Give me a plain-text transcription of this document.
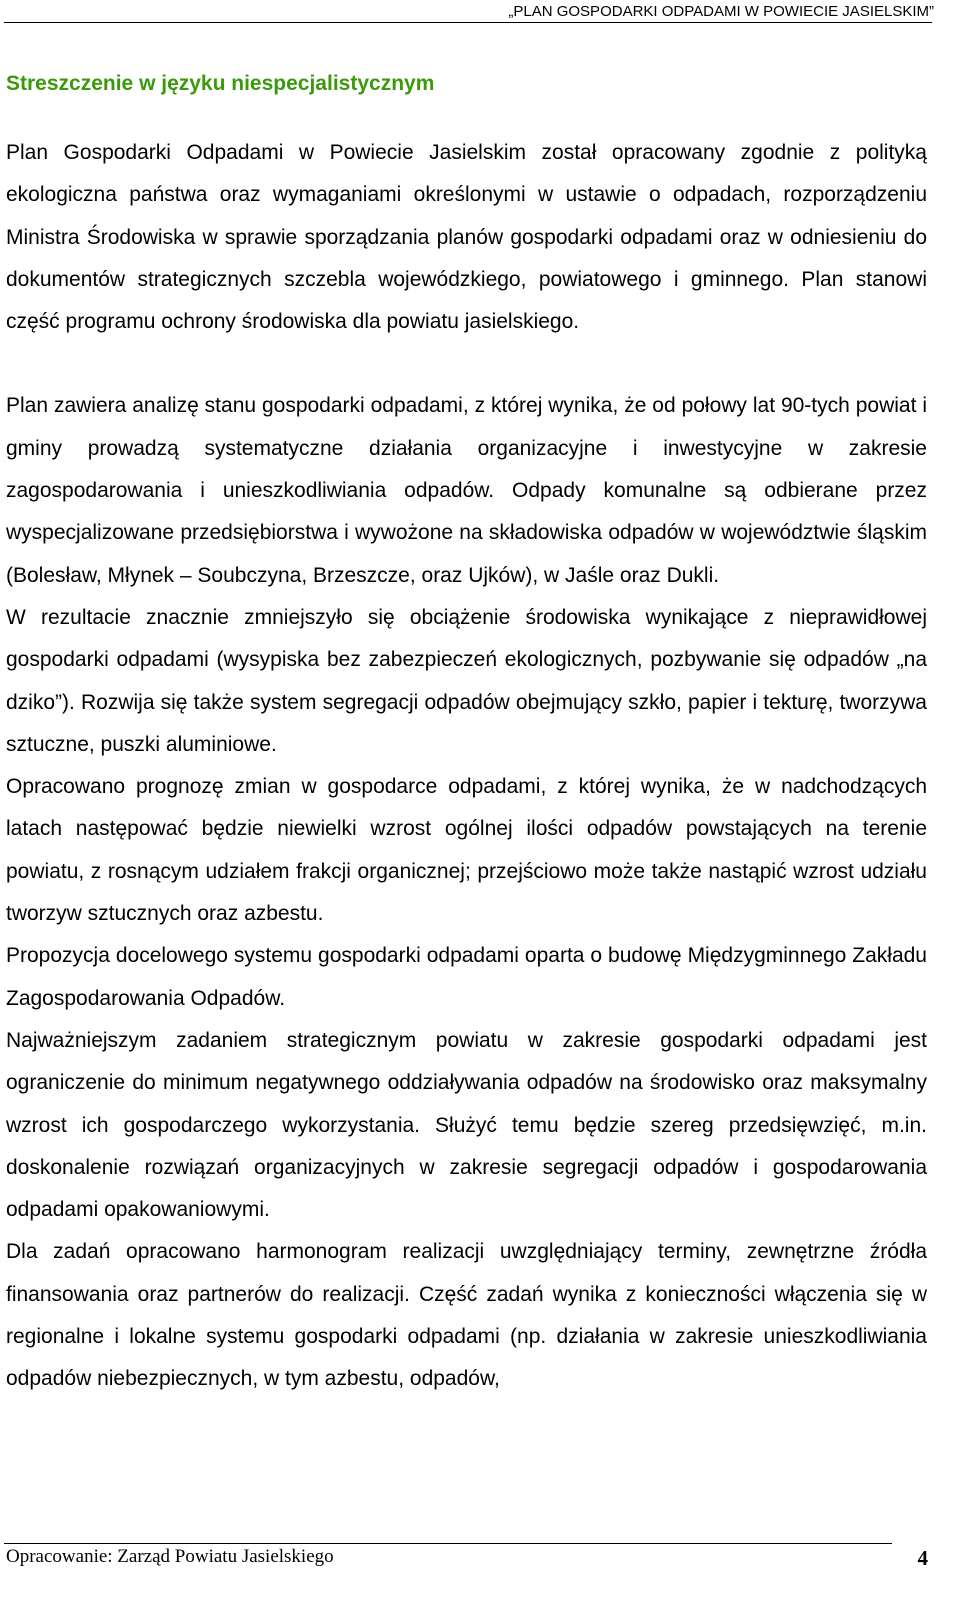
„PLAN GOSPODARKI ODPADAMI W POWIECIE JASIELSKIM”
Streszczenie w języku niespecjalistycznym

Plan Gospodarki Odpadami w Powiecie Jasielskim został opracowany zgodnie z polityką ekologiczna państwa oraz wymaganiami określonymi w ustawie o odpadach, rozporządzeniu Ministra Środowiska w sprawie sporządzania planów gospodarki odpadami oraz w odniesieniu do dokumentów strategicznych szczebla wojewódzkiego, powiatowego i gminnego. Plan stanowi część programu ochrony środowiska dla powiatu jasielskiego.

Plan zawiera analizę stanu gospodarki odpadami, z której wynika, że od połowy lat 90-tych powiat i gminy prowadzą systematyczne działania organizacyjne i inwestycyjne w zakresie zagospodarowania i unieszkodliwiania odpadów. Odpady komunalne są odbierane przez wyspecjalizowane przedsiębiorstwa i wywożone na składowiska odpadów w województwie śląskim (Bolesław, Młynek – Soubczyna, Brzeszcze, oraz Ujków), w Jaśle oraz Dukli.

W rezultacie znacznie zmniejszyło się obciążenie środowiska wynikające z nieprawidłowej gospodarki odpadami (wysypiska bez zabezpieczeń ekologicznych, pozbywanie się odpadów „na dziko”). Rozwija się także system segregacji odpadów obejmujący szkło, papier i tekturę, tworzywa sztuczne, puszki aluminiowe.

Opracowano prognozę zmian w gospodarce odpadami, z której wynika, że w nadchodzących latach następować będzie niewielki wzrost ogólnej ilości odpadów powstających na terenie powiatu, z rosnącym udziałem frakcji organicznej; przejściowo może także nastąpić wzrost udziału tworzyw sztucznych oraz azbestu.

Propozycja docelowego systemu gospodarki odpadami oparta o budowę Międzygminnego Zakładu Zagospodarowania Odpadów.

Najważniejszym zadaniem strategicznym powiatu w zakresie gospodarki odpadami jest ograniczenie do minimum negatywnego oddziaływania odpadów na środowisko oraz maksymalny wzrost ich gospodarczego wykorzystania. Służyć temu będzie szereg przedsięwzięć, m.in. doskonalenie rozwiązań organizacyjnych w zakresie segregacji odpadów i gospodarowania odpadami opakowaniowymi.

Dla zadań opracowano harmonogram realizacji uwzględniający terminy, zewnętrzne źródła finansowania oraz partnerów do realizacji. Część zadań wynika z konieczności włączenia się w regionalne i lokalne systemu gospodarki odpadami (np. działania w zakresie unieszkodliwiania odpadów niebezpiecznych, w tym azbestu, odpadów,

Opracowanie: Zarząd Powiatu Jasielskiego	4
